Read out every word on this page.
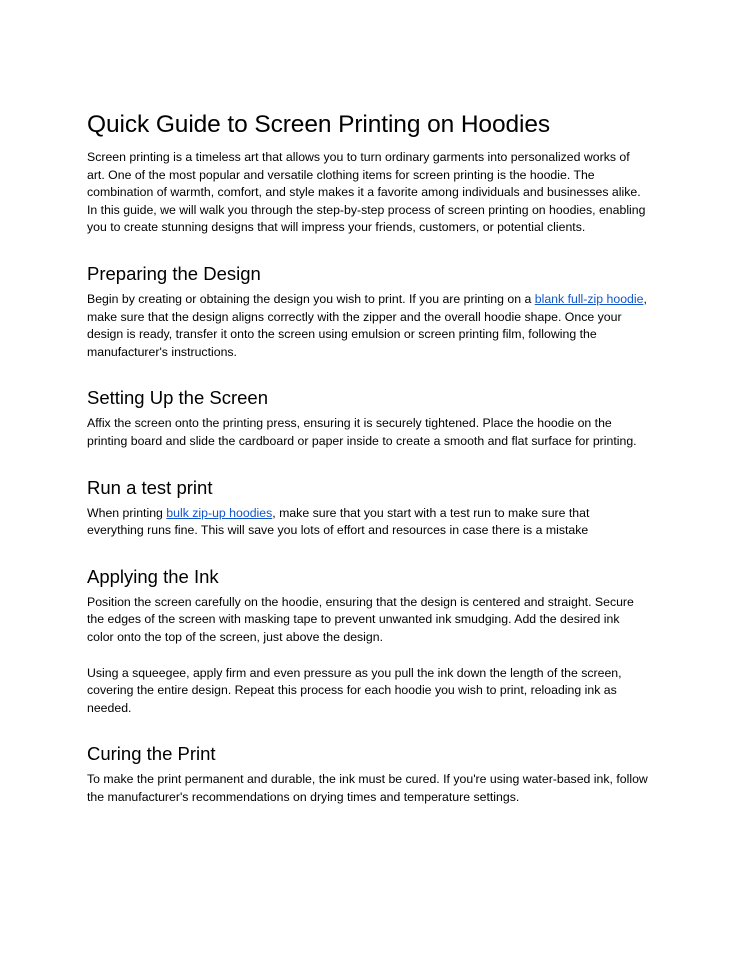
Quick Guide to Screen Printing on Hoodies

Screen printing is a timeless art that allows you to turn ordinary garments into personalized works of art. One of the most popular and versatile clothing items for screen printing is the hoodie. The combination of warmth, comfort, and style makes it a favorite among individuals and businesses alike. In this guide, we will walk you through the step-by-step process of screen printing on hoodies, enabling you to create stunning designs that will impress your friends, customers, or potential clients.

Preparing the Design

Begin by creating or obtaining the design you wish to print. If you are printing on a blank full-zip hoodie, make sure that the design aligns correctly with the zipper and the overall hoodie shape. Once your design is ready, transfer it onto the screen using emulsion or screen printing film, following the manufacturer's instructions.

Setting Up the Screen

Affix the screen onto the printing press, ensuring it is securely tightened. Place the hoodie on the printing board and slide the cardboard or paper inside to create a smooth and flat surface for printing.

Run a test print

When printing bulk zip-up hoodies, make sure that you start with a test run to make sure that everything runs fine. This will save you lots of effort and resources in case there is a mistake

Applying the Ink

Position the screen carefully on the hoodie, ensuring that the design is centered and straight. Secure the edges of the screen with masking tape to prevent unwanted ink smudging. Add the desired ink color onto the top of the screen, just above the design.

Using a squeegee, apply firm and even pressure as you pull the ink down the length of the screen, covering the entire design. Repeat this process for each hoodie you wish to print, reloading ink as needed.

Curing the Print

To make the print permanent and durable, the ink must be cured. If you're using water-based ink, follow the manufacturer's recommendations on drying times and temperature settings.
